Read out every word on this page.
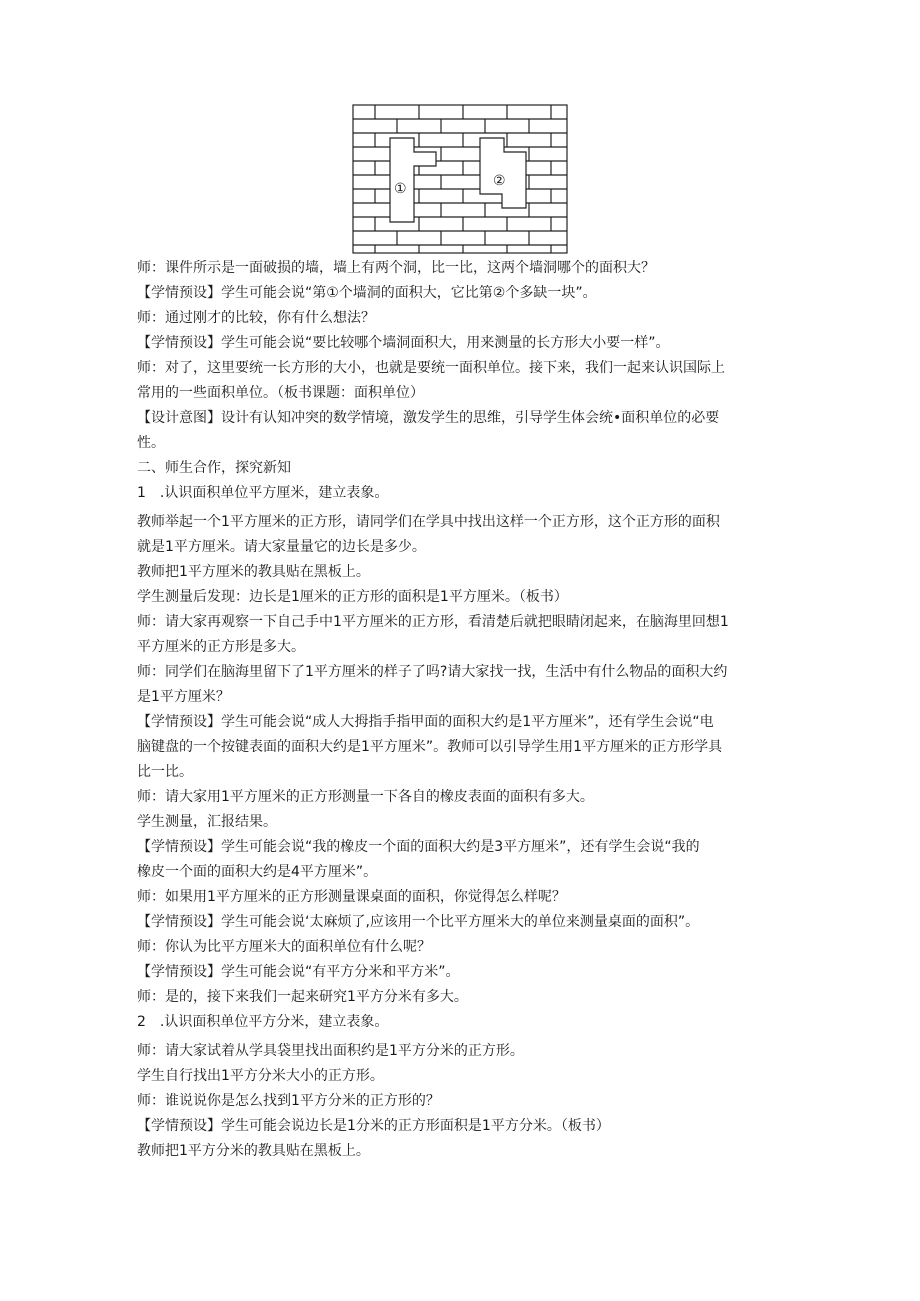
①	②

师：课件所示是一面破损的墙，墙上有两个洞，比一比，这两个墙洞哪个的面积大？

【学情预设】学生可能会说“第①个墙洞的面积大，它比第②个多缺一块”。

师：通过刚才的比较，你有什么想法？

【学情预设】学生可能会说“要比较哪个墙洞面积大，用来测量的长方形大小要一样”。

师：对了，这里要统一长方形的大小，也就是要统一面积单位。接下来，我们一起来认识国际上

常用的一些面积单位。（板书课题：面积单位）

【设计意图】设计有认知冲突的数学情境，激发学生的思维，引导学生体会统•面积单位的必要

性。

二、师生合作，探究新知

1　.认识面积单位平方厘米，建立表象。

教师举起一个1平方厘米的正方形，请同学们在学具中找出这样一个正方形，这个正方形的面积

就是1平方厘米。请大家量量它的边长是多少。

教师把1平方厘米的教具贴在黑板上。

学生测量后发现：边长是1厘米的正方形的面积是1平方厘米。（板书）

师：请大家再观察一下自己手中1平方厘米的正方形，看清楚后就把眼睛闭起来，在脑海里回想1

平方厘米的正方形是多大。

师：同学们在脑海里留下了1平方厘米的样子了吗?请大家找一找，生活中有什么物品的面积大约

是1平方厘米？

【学情预设】学生可能会说“成人大拇指手指甲面的面积大约是1平方厘米”，还有学生会说“电

脑键盘的一个按键表面的面积大约是1平方厘米”。教师可以引导学生用1平方厘米的正方形学具

比一比。

师：请大家用1平方厘米的正方形测量一下各自的橡皮表面的面积有多大。

学生测量，汇报结果。

【学情预设】学生可能会说“我的橡皮一个面的面积大约是3平方厘米”，还有学生会说“我的

橡皮一个面的面积大约是4平方厘米”。

师：如果用1平方厘米的正方形测量课桌面的面积，你觉得怎么样呢？

【学情预设】学生可能会说‘太麻烦了,应该用一个比平方厘米大的单位来测量桌面的面积”。

师：你认为比平方厘米大的面积单位有什么呢？

【学情预设】学生可能会说“有平方分米和平方米”。

师：是的，接下来我们一起来研究1平方分米有多大。

2　.认识面积单位平方分米，建立表象。

师：请大家试着从学具袋里找出面积约是1平方分米的正方形。

学生自行找出1平方分米大小的正方形。

师：谁说说你是怎么找到1平方分米的正方形的？

【学情预设】学生可能会说边长是1分米的正方形面积是1平方分米。（板书）

教师把1平方分米的教具贴在黑板上。
